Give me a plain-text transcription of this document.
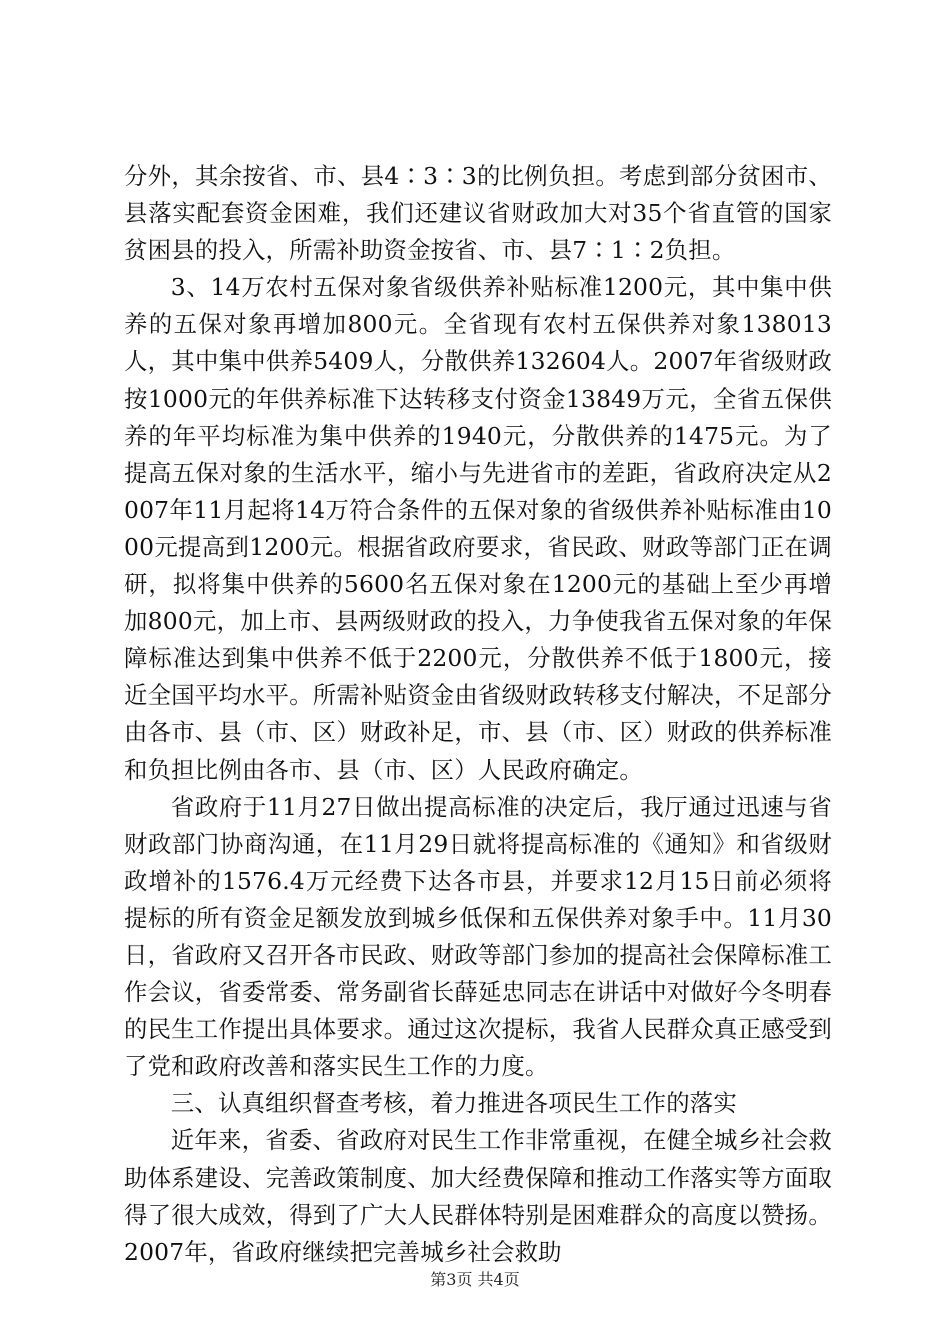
分外，其余按省、市、县4∶3∶3的比例负担。考虑到部分贫困市、县落实配套资金困难，我们还建议省财政加大对35个省直管的国家贫困县的投入，所需补助资金按省、市、县7∶1∶2负担。

3、14万农村五保对象省级供养补贴标准1200元，其中集中供养的五保对象再增加800元。全省现有农村五保供养对象138013人，其中集中供养5409人，分散供养132604人。2007年省级财政按1000元的年供养标准下达转移支付资金13849万元，全省五保供养的年平均标准为集中供养的1940元，分散供养的1475元。为了提高五保对象的生活水平，缩小与先进省市的差距，省政府决定从2007年11月起将14万符合条件的五保对象的省级供养补贴标准由1000元提高到1200元。根据省政府要求，省民政、财政等部门正在调研，拟将集中供养的5600名五保对象在1200元的基础上至少再增加800元，加上市、县两级财政的投入，力争使我省五保对象的年保障标准达到集中供养不低于2200元，分散供养不低于1800元，接近全国平均水平。所需补贴资金由省级财政转移支付解决，不足部分由各市、县（市、区）财政补足，市、县（市、区）财政的供养标准和负担比例由各市、县（市、区）人民政府确定。

省政府于11月27日做出提高标准的决定后，我厅通过迅速与省财政部门协商沟通，在11月29日就将提高标准的《通知》和省级财政增补的1576.4万元经费下达各市县，并要求12月15日前必须将提标的所有资金足额发放到城乡低保和五保供养对象手中。11月30日，省政府又召开各市民政、财政等部门参加的提高社会保障标准工作会议，省委常委、常务副省长薛延忠同志在讲话中对做好今冬明春的民生工作提出具体要求。通过这次提标，我省人民群众真正感受到了党和政府改善和落实民生工作的力度。

三、认真组织督查考核，着力推进各项民生工作的落实

近年来，省委、省政府对民生工作非常重视，在健全城乡社会救助体系建设、完善政策制度、加大经费保障和推动工作落实等方面取得了很大成效，得到了广大人民群体特别是困难群众的高度以赞扬。2007年，省政府继续把完善城乡社会救助

第3页 共4页
